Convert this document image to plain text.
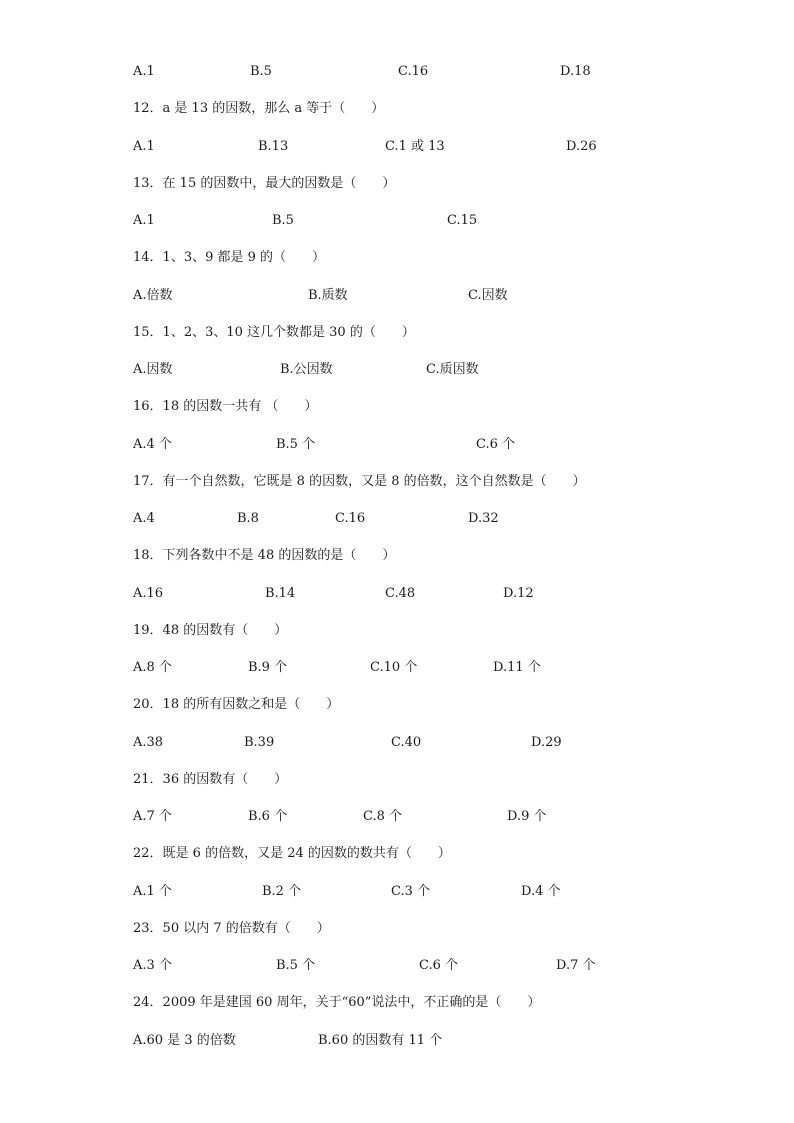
A.1	B.5	C.16	D.18
12．a 是 13 的因数，那么 a 等于（　　）
A.1	B.13	C.1 或 13	D.26
13．在 15 的因数中，最大的因数是（　　）
A.1	B.5	C.15
14．1、3、9 都是 9 的（　　）
A.倍数	B.质数	C.因数
15．1、2、3、10 这几个数都是 30 的（　　）
A.因数	B.公因数	C.质因数
16．18 的因数一共有 （　　）
A.4 个	B.5 个	C.6 个
17．有一个自然数，它既是 8 的因数，又是 8 的倍数，这个自然数是（　　）
A.4	B.8	C.16	D.32
18．下列各数中不是 48 的因数的是（　　）
A.16	B.14	C.48	D.12
19．48 的因数有（　　）
A.8 个	B.9 个	C.10 个	D.11 个
20．18 的所有因数之和是（　　）
A.38	B.39	C.40	D.29
21．36 的因数有（　　）
A.7 个	B.6 个	C.8 个	D.9 个
22．既是 6 的倍数，又是 24 的因数的数共有（　　）
A.1 个	B.2 个	C.3 个	D.4 个
23．50 以内 7 的倍数有（　　）
A.3 个	B.5 个	C.6 个	D.7 个
24．2009 年是建国 60 周年，关于“60”说法中，不正确的是（　　）
A.60 是 3 的倍数	B.60 的因数有 11 个
